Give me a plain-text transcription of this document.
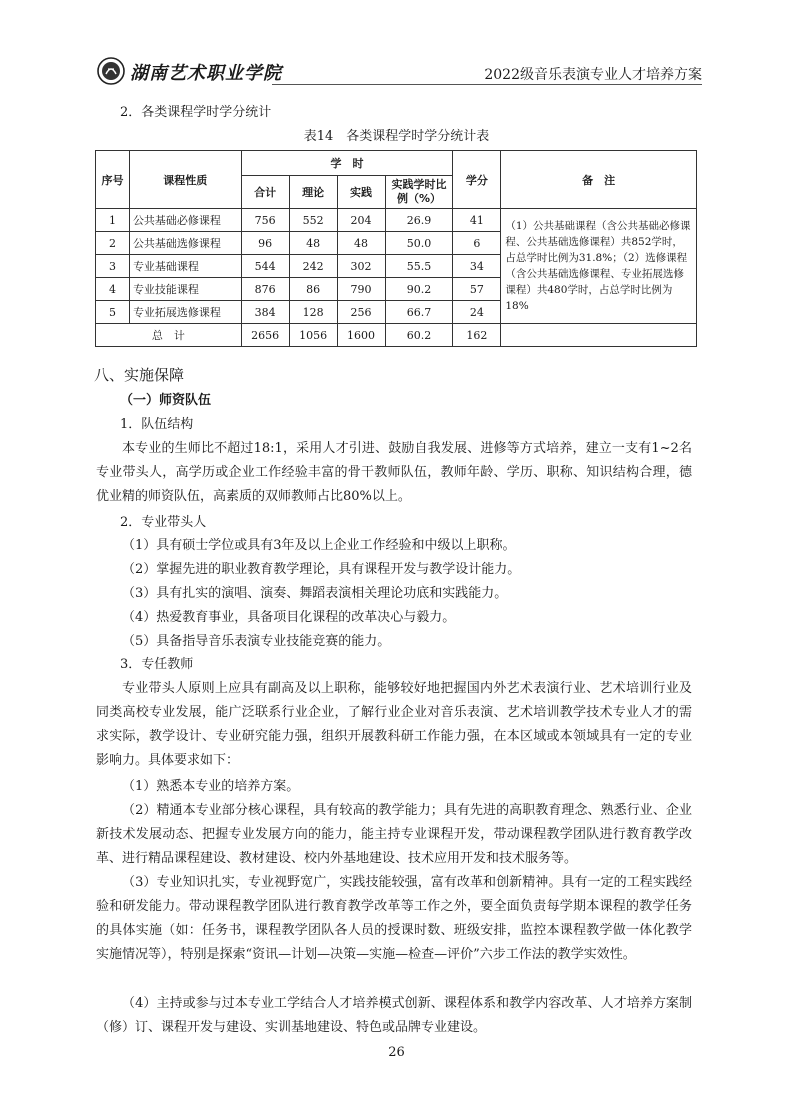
湖南艺术职业学院	2022级音乐表演专业人才培养方案
2．各类课程学时学分统计
表14　各类课程学时学分统计表
序号	课程性质	学　时				学分	备　注
		合计	理论	实践	实践学时比例（%）		
1	公共基础必修课程	756	552	204	26.9	41	（1）公共基础课程（含公共基础必修课程、公共基础选修课程）共852学时，占总学时比例为31.8%；（2）选修课程（含公共基础选修课程、专业拓展选修课程）共480学时，占总学时比例为18%
2	公共基础选修课程	96	48	48	50.0	6	
3	专业基础课程	544	242	302	55.5	34	
4	专业技能课程	876	86	790	90.2	57	
5	专业拓展选修课程	384	128	256	66.7	24	
总　计		2656	1056	1600	60.2	162	
八、实施保障
（一）师资队伍
1．队伍结构
本专业的生师比不超过18:1，采用人才引进、鼓励自我发展、进修等方式培养，建立一支有1~2名专业带头人，高学历或企业工作经验丰富的骨干教师队伍，教师年龄、学历、职称、知识结构合理，德优业精的师资队伍，高素质的双师教师占比80%以上。
2．专业带头人
（1）具有硕士学位或具有3年及以上企业工作经验和中级以上职称。
（2）掌握先进的职业教育教学理论，具有课程开发与教学设计能力。
（3）具有扎实的演唱、演奏、舞蹈表演相关理论功底和实践能力。
（4）热爱教育事业，具备项目化课程的改革决心与毅力。
（5）具备指导音乐表演专业技能竞赛的能力。
3．专任教师
专业带头人原则上应具有副高及以上职称，能够较好地把握国内外艺术表演行业、艺术培训行业及同类高校专业发展，能广泛联系行业企业，了解行业企业对音乐表演、艺术培训教学技术专业人才的需求实际，教学设计、专业研究能力强，组织开展教科研工作能力强，在本区域或本领域具有一定的专业影响力。具体要求如下：
（1）熟悉本专业的培养方案。
（2）精通本专业部分核心课程，具有较高的教学能力；具有先进的高职教育理念、熟悉行业、企业新技术发展动态、把握专业发展方向的能力，能主持专业课程开发，带动课程教学团队进行教育教学改革、进行精品课程建设、教材建设、校内外基地建设、技术应用开发和技术服务等。
（3）专业知识扎实，专业视野宽广，实践技能较强，富有改革和创新精神。具有一定的工程实践经验和研发能力。带动课程教学团队进行教育教学改革等工作之外，要全面负责每学期本课程的教学任务的具体实施（如：任务书，课程教学团队各人员的授课时数、班级安排，监控本课程教学做一体化教学实施情况等），特别是探索“资讯—计划—决策—实施—检查—评价”六步工作法的教学实效性。
（4）主持或参与过本专业工学结合人才培养模式创新、课程体系和教学内容改革、人才培养方案制（修）订、课程开发与建设、实训基地建设、特色或品牌专业建设。
26
